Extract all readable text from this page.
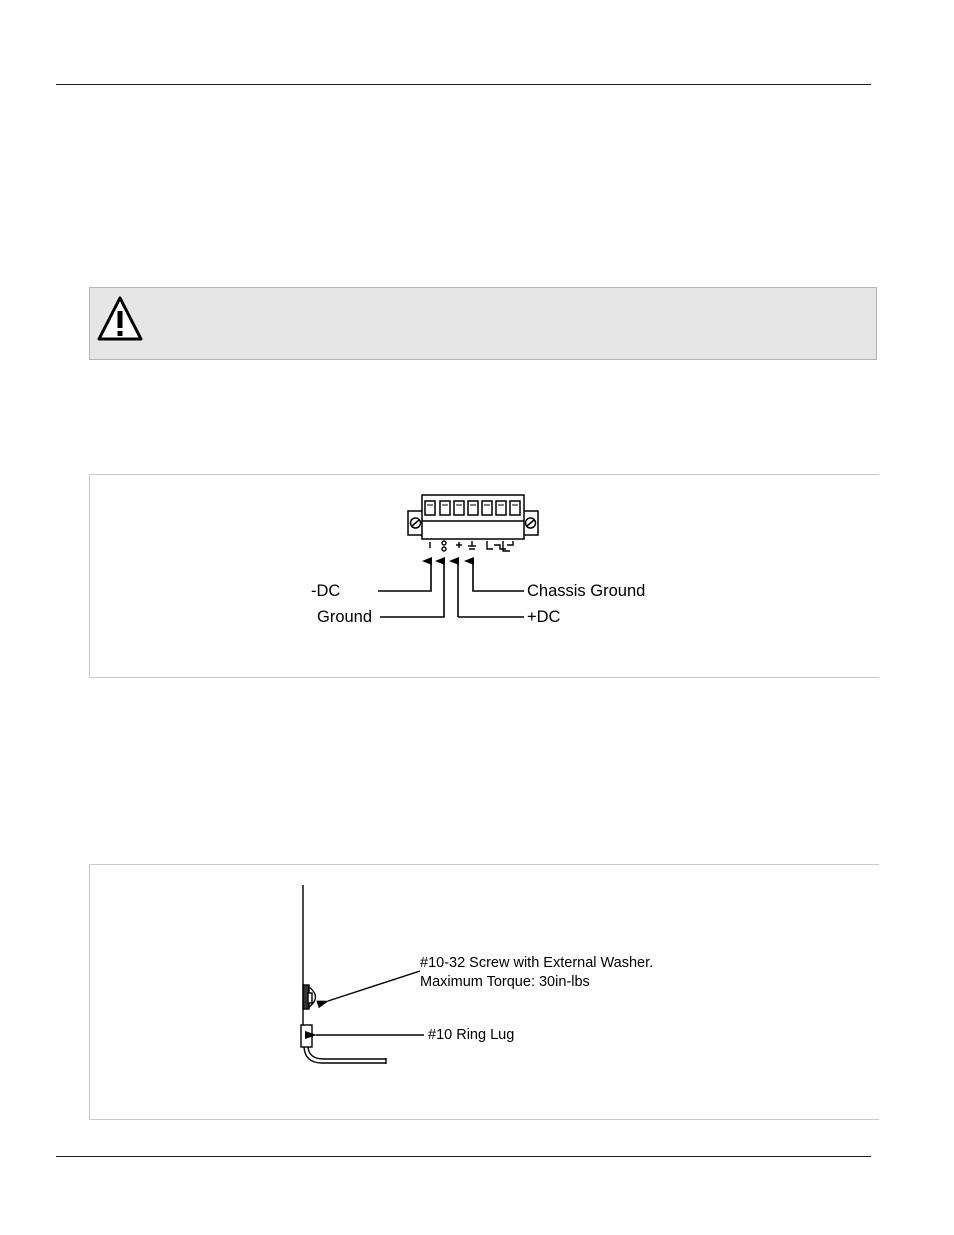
-DC
Ground
Chassis Ground
+DC
#10-32 Screw with External Washer.
Maximum Torque: 30in-lbs
#10 Ring Lug
